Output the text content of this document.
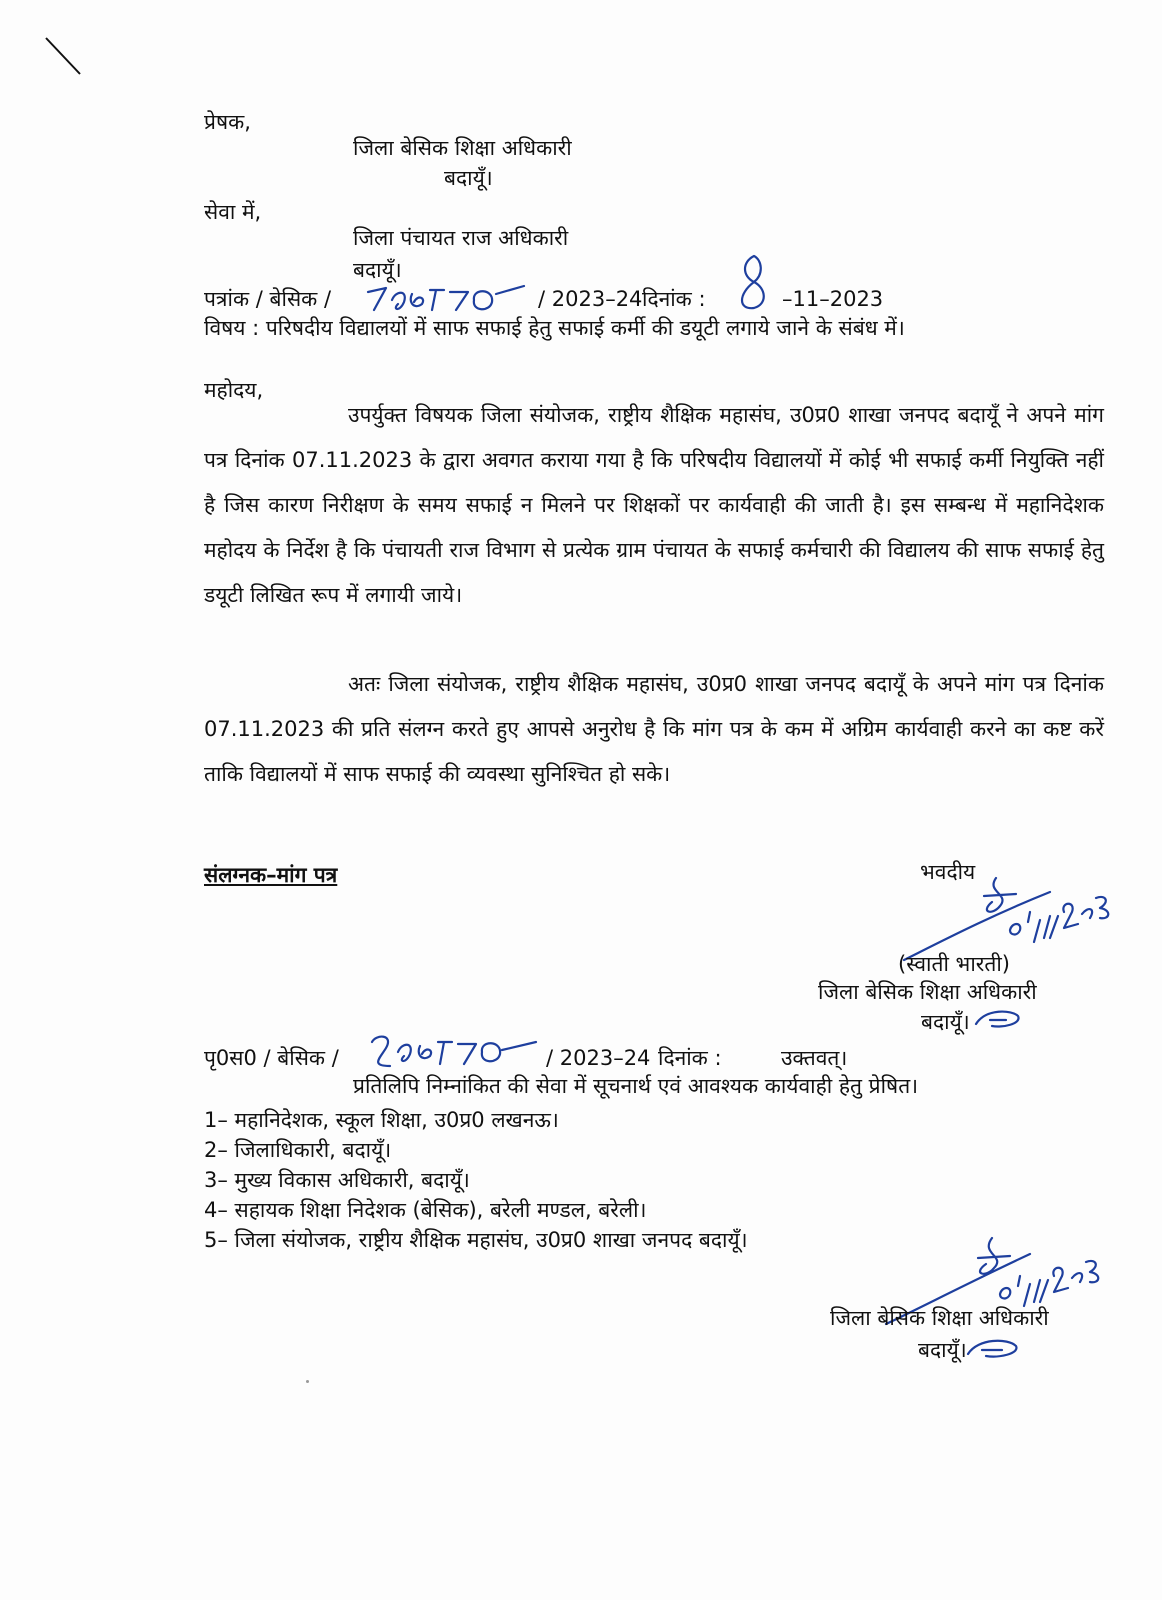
प्रेषक,
जिला बेसिक शिक्षा अधिकारी
बदायूँ।
सेवा में,
जिला पंचायत राज अधिकारी
बदायूँ।
पत्रांक / बेसिक /	/ 2023–24 दिनांक :	–11–2023
विषय : परिषदीय विद्यालयों में साफ सफाई हेतु सफाई कर्मी की डयूटी लगाये जाने के संबंध में।
महोदय,
उपर्युक्त विषयक जिला संयोजक, राष्ट्रीय शैक्षिक महासंघ, उ0प्र0 शाखा जनपद बदायूँ ने अपने मांग पत्र दिनांक 07.11.2023 के द्वारा अवगत कराया गया है कि परिषदीय विद्यालयों में कोई भी सफाई कर्मी नियुक्ति नहीं है जिस कारण निरीक्षण के समय सफाई न मिलने पर शिक्षकों पर कार्यवाही की जाती है। इस सम्बन्ध में महानिदेशक महोदय के निर्देश है कि पंचायती राज विभाग से प्रत्येक ग्राम पंचायत के सफाई कर्मचारी की विद्यालय की साफ सफाई हेतु डयूटी लिखित रूप में लगायी जाये।
अतः जिला संयोजक, राष्ट्रीय शैक्षिक महासंघ, उ0प्र0 शाखा जनपद बदायूँ के अपने मांग पत्र दिनांक 07.11.2023 की प्रति संलग्न करते हुए आपसे अनुरोध है कि मांग पत्र के कम में अग्रिम कार्यवाही करने का कष्ट करें ताकि विद्यालयों में साफ सफाई की व्यवस्था सुनिश्चित हो सके।
संलग्नक–मांग पत्र	भवदीय
(स्वाती भारती)
जिला बेसिक शिक्षा अधिकारी
बदायूँ।
पृ0स0 / बेसिक /	/ 2023–24 दिनांक :	उक्तवत्।
प्रतिलिपि निम्नांकित की सेवा में सूचनार्थ एवं आवश्यक कार्यवाही हेतु प्रेषित।
1– महानिदेशक, स्कूल शिक्षा, उ0प्र0 लखनऊ।
2– जिलाधिकारी, बदायूँ।
3– मुख्य विकास अधिकारी, बदायूँ।
4– सहायक शिक्षा निदेशक (बेसिक), बरेली मण्डल, बरेली।
5– जिला संयोजक, राष्ट्रीय शैक्षिक महासंघ, उ0प्र0 शाखा जनपद बदायूँ।
जिला बेसिक शिक्षा अधिकारी
बदायूँ।
